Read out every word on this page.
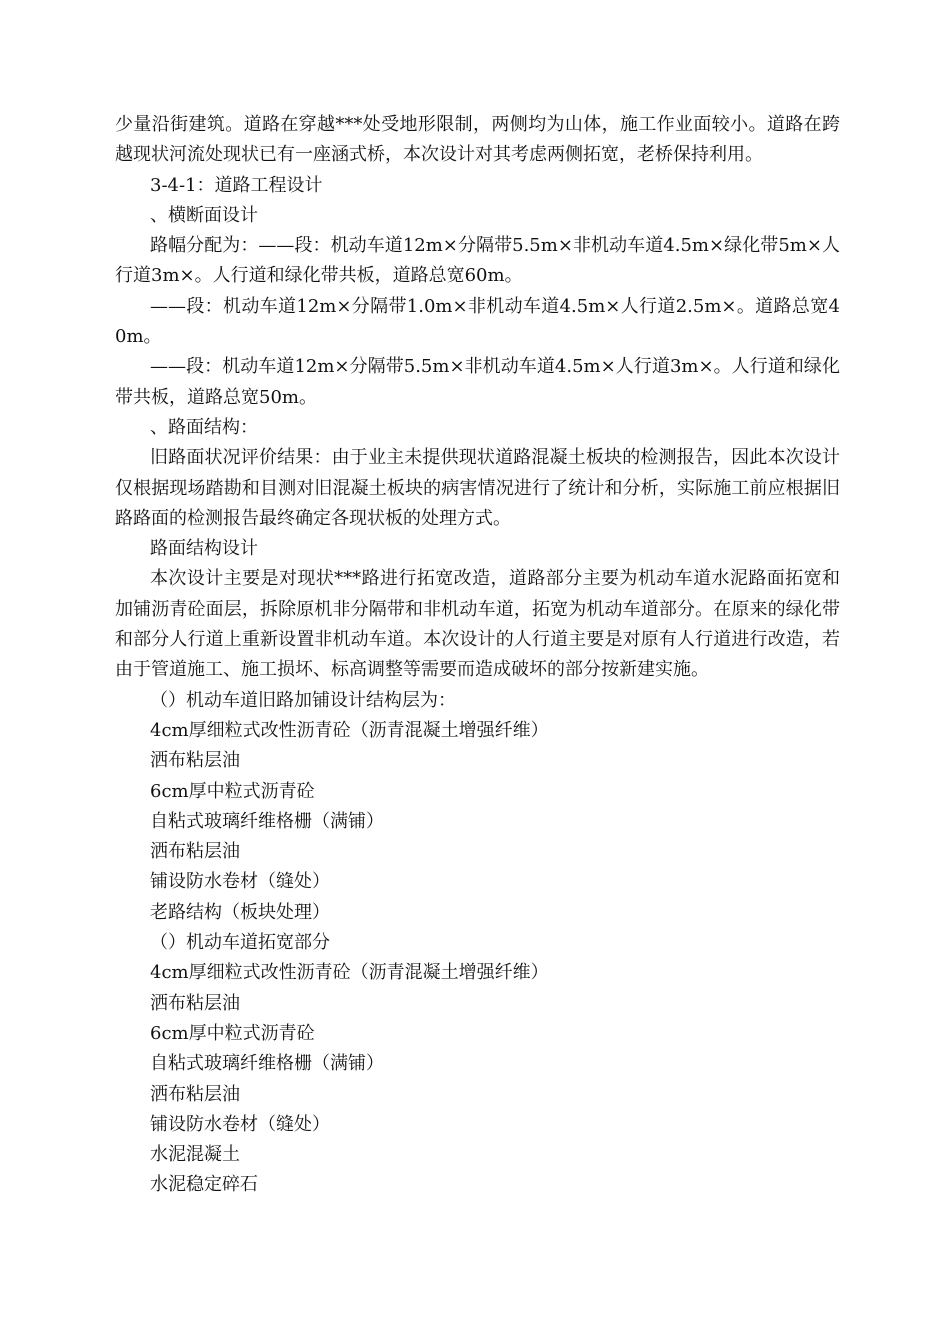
少量沿街建筑。道路在穿越***处受地形限制，两侧均为山体，施工作业面较小。道路在跨越现状河流处现状已有一座涵式桥，本次设计对其考虑两侧拓宽，老桥保持利用。

3-4-1：道路工程设计

、横断面设计

路幅分配为：——段：机动车道12m×分隔带5.5m×非机动车道4.5m×绿化带5m×人行道3m×。人行道和绿化带共板，道路总宽60m。

——段：机动车道12m×分隔带1.0m×非机动车道4.5m×人行道2.5m×。道路总宽40m。

——段：机动车道12m×分隔带5.5m×非机动车道4.5m×人行道3m×。人行道和绿化带共板，道路总宽50m。

、路面结构：

旧路面状况评价结果：由于业主未提供现状道路混凝土板块的检测报告，因此本次设计仅根据现场踏勘和目测对旧混凝土板块的病害情况进行了统计和分析，实际施工前应根据旧路路面的检测报告最终确定各现状板的处理方式。

路面结构设计

本次设计主要是对现状***路进行拓宽改造，道路部分主要为机动车道水泥路面拓宽和加铺沥青砼面层，拆除原机非分隔带和非机动车道，拓宽为机动车道部分。在原来的绿化带和部分人行道上重新设置非机动车道。本次设计的人行道主要是对原有人行道进行改造，若由于管道施工、施工损坏、标高调整等需要而造成破坏的部分按新建实施。

（）机动车道旧路加铺设计结构层为：
4cm厚细粒式改性沥青砼（沥青混凝土增强纤维）
洒布粘层油
6cm厚中粒式沥青砼
自粘式玻璃纤维格栅（满铺）
洒布粘层油
铺设防水卷材（缝处）
老路结构（板块处理）
（）机动车道拓宽部分
4cm厚细粒式改性沥青砼（沥青混凝土增强纤维）
洒布粘层油
6cm厚中粒式沥青砼
自粘式玻璃纤维格栅（满铺）
洒布粘层油
铺设防水卷材（缝处）
水泥混凝土
水泥稳定碎石
